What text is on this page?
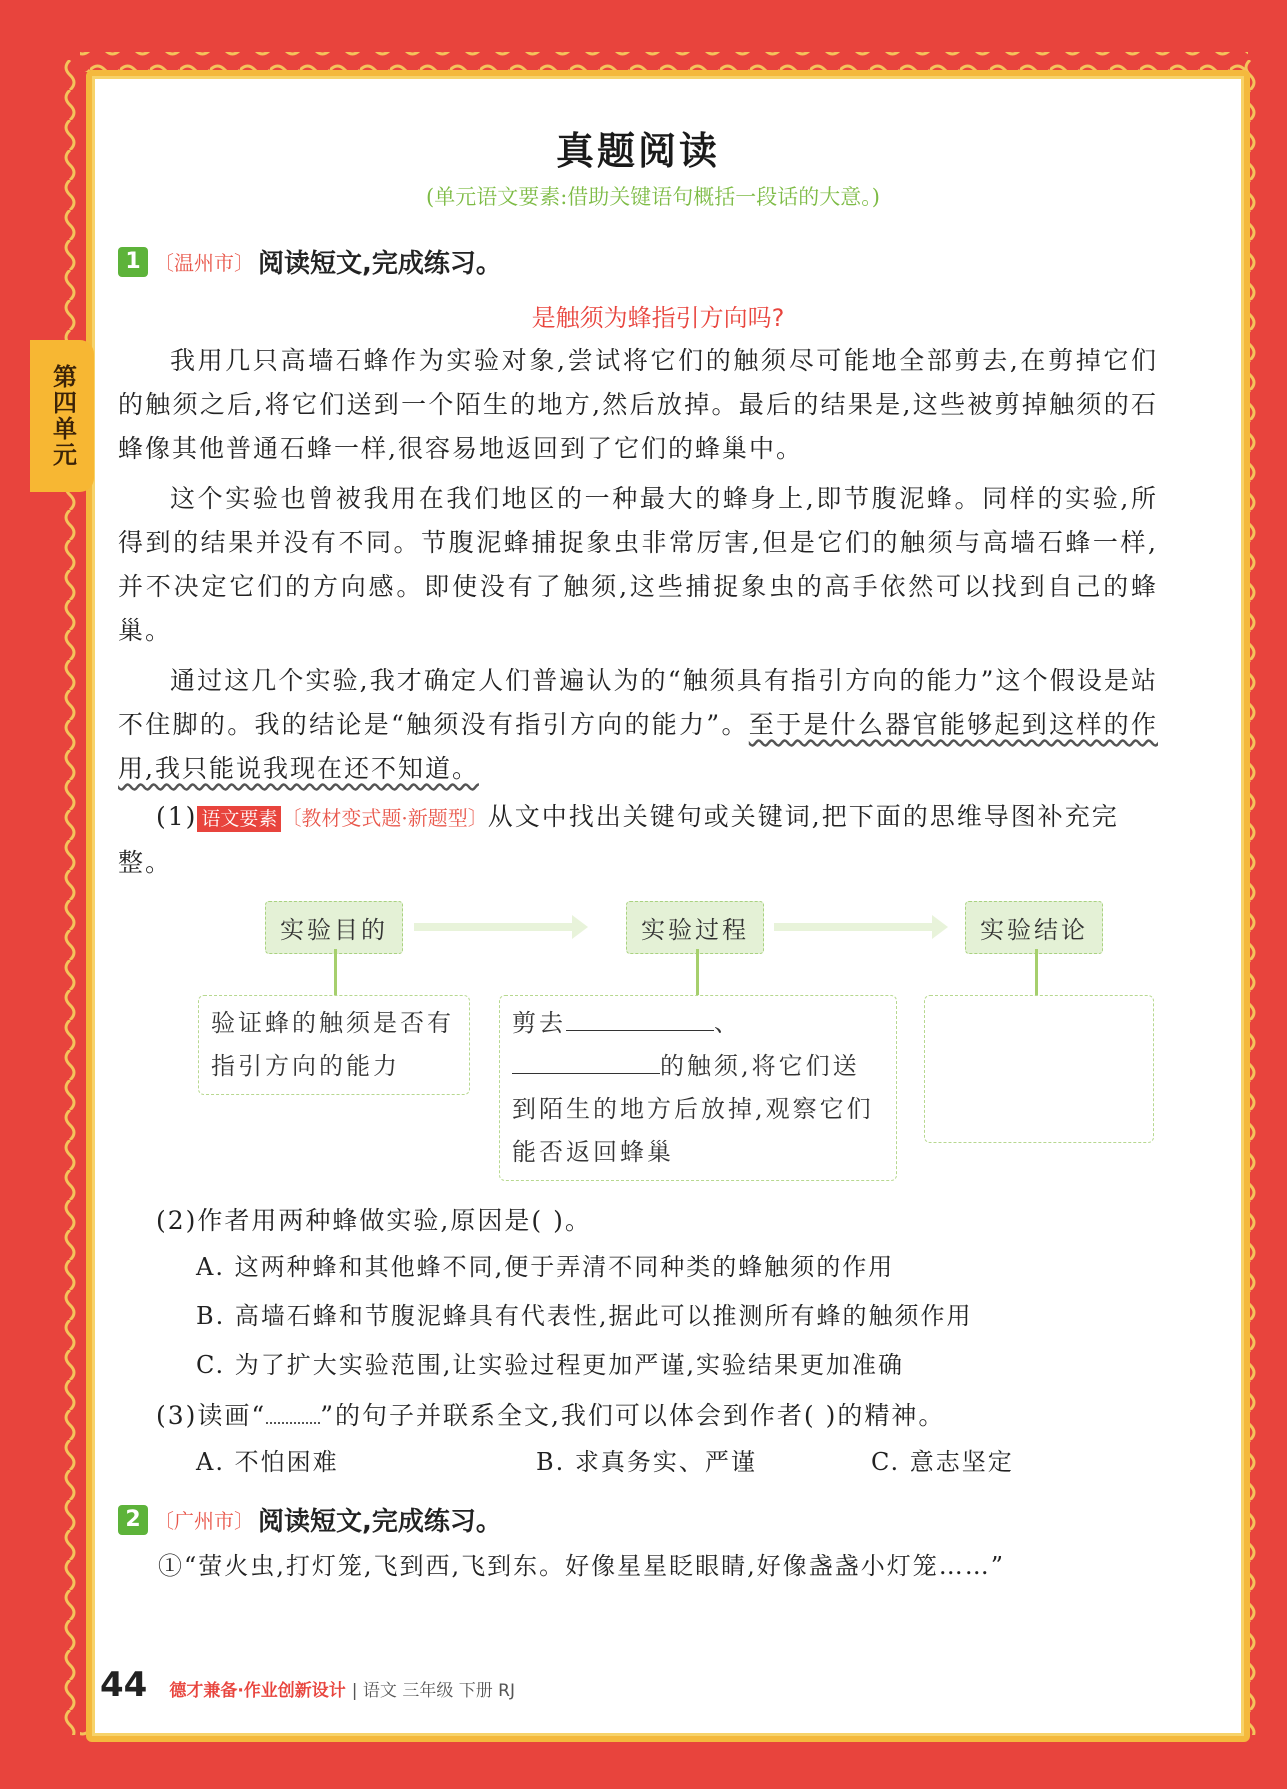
第四单元
真题阅读
(单元语文要素:借助关键语句概括一段话的大意。)
1 〔温州市〕 阅读短文,完成练习。
是触须为蜂指引方向吗?

我用几只高墙石蜂作为实验对象,尝试将它们的触须尽可能地全部剪去,在剪掉它们的触须之后,将它们送到一个陌生的地方,然后放掉。最后的结果是,这些被剪掉触须的石蜂像其他普通石蜂一样,很容易地返回到了它们的蜂巢中。

这个实验也曾被我用在我们地区的一种最大的蜂身上,即节腹泥蜂。同样的实验,所得到的结果并没有不同。节腹泥蜂捕捉象虫非常厉害,但是它们的触须与高墙石蜂一样,并不决定它们的方向感。即使没有了触须,这些捕捉象虫的高手依然可以找到自己的蜂巢。

通过这几个实验,我才确定人们普遍认为的“触须具有指引方向的能力”这个假设是站不住脚的。我的结论是“触须没有指引方向的能力”。至于是什么器官能够起到这样的作用,我只能说我现在还不知道。

(1) 语文要素 〔教材变式题·新题型〕从文中找出关键句或关键词,把下面的思维导图补充完整。
实验目的	实验过程	实验结论
验证蜂的触须是否有指引方向的能力
剪去	、的触须,将它们送到陌生的地方后放掉,观察它们能否返回蜂巢
(2)作者用两种蜂做实验,原因是( )。
A. 这两种蜂和其他蜂不同,便于弄清不同种类的蜂触须的作用
B. 高墙石蜂和节腹泥蜂具有代表性,据此可以推测所有蜂的触须作用
C. 为了扩大实验范围,让实验过程更加严谨,实验结果更加准确
(3)读画“ ”的句子并联系全文,我们可以体会到作者( )的精神。
A. 不怕困难	B. 求真务实、严谨	C. 意志坚定
2 〔广州市〕 阅读短文,完成练习。
①“萤火虫,打灯笼,飞到西,飞到东。好像星星眨眼睛,好像盏盏小灯笼……”
44 德才兼备·作业创新设计 | 语文 三年级 下册 RJ
